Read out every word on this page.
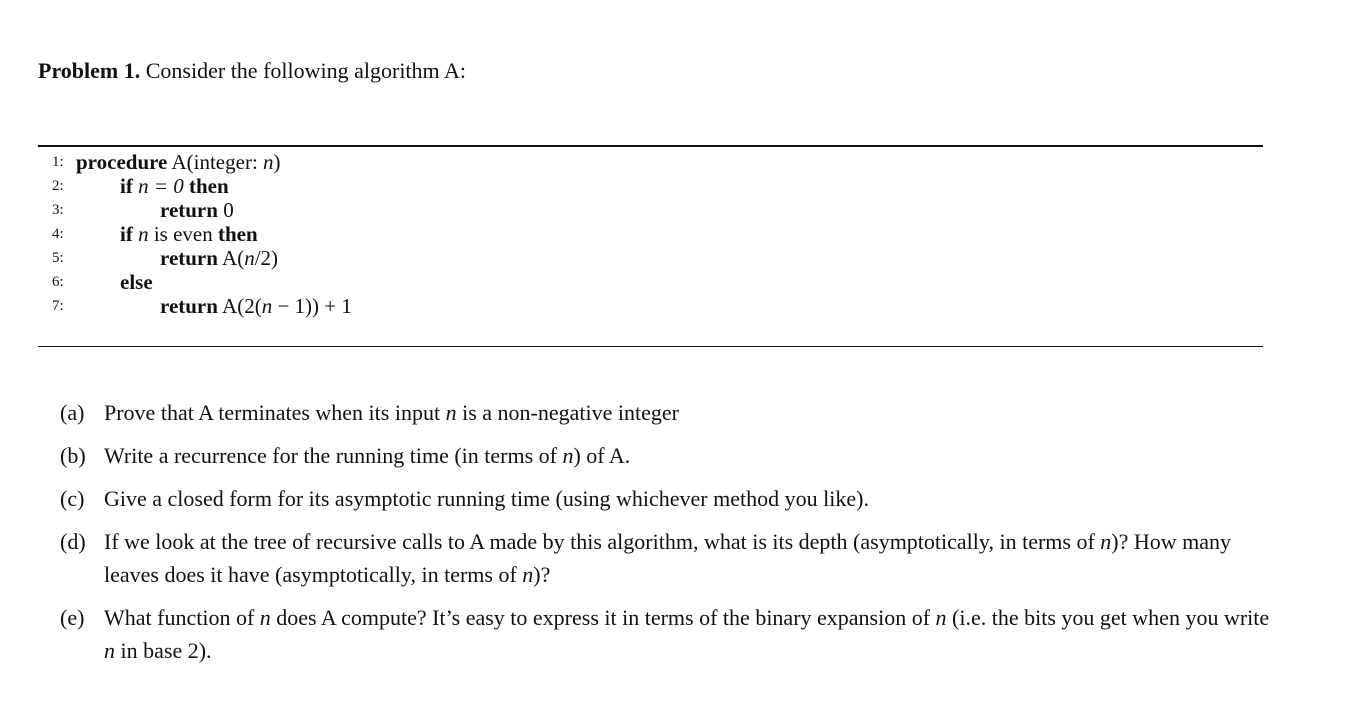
Problem 1. Consider the following algorithm A:
1: procedure A(integer: n)
2:	if n = 0 then
3:	return 0
4:	if n is even then
5:	return A(n/2)
6:	else
7:	return A(2(n − 1)) + 1
(a) Prove that A terminates when its input n is a non-negative integer
(b) Write a recurrence for the running time (in terms of n) of A.
(c) Give a closed form for its asymptotic running time (using whichever method you like).
(d) If we look at the tree of recursive calls to A made by this algorithm, what is its depth (asymptotically, in terms of n)? How many leaves does it have (asymptotically, in terms of n)?
(e) What function of n does A compute? It’s easy to express it in terms of the binary expansion of n (i.e. the bits you get when you write n in base 2).
